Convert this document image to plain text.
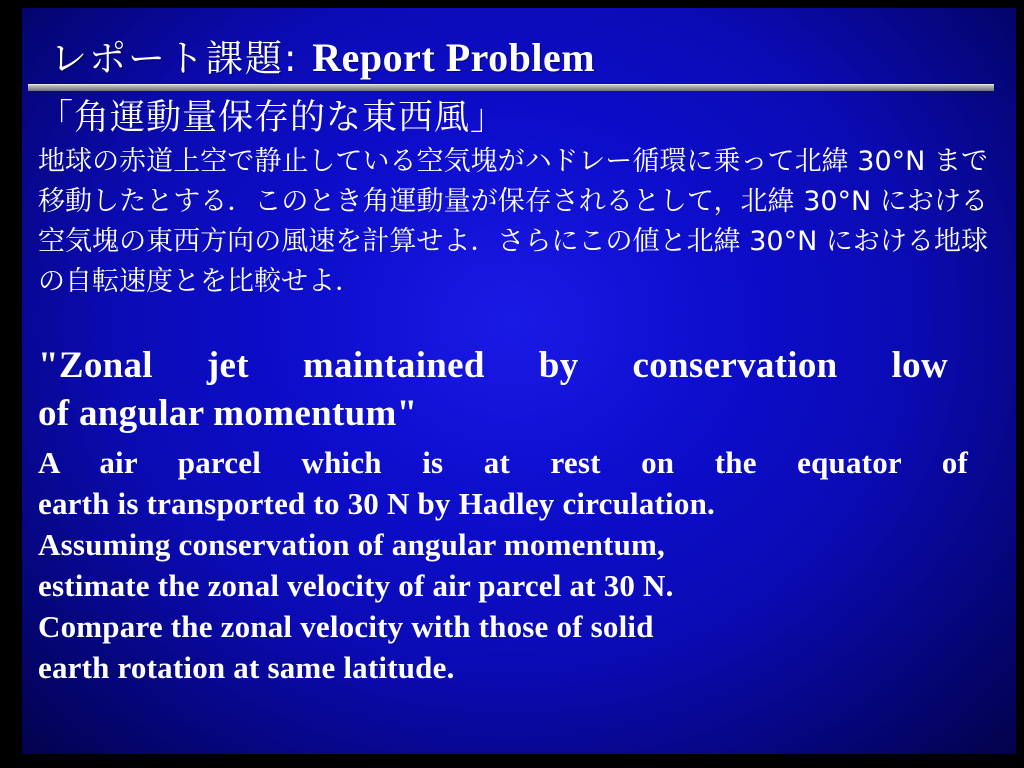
レポート課題: Report Problem
「角運動量保存的な東西風」
地球の赤道上空で静止している空気塊がハドレー循環に乗って北緯 30°N まで移動したとする．このとき角運動量が保存されるとして，北緯 30°N における空気塊の東西方向の風速を計算せよ．さらにこの値と北緯 30°N における地球の自転速度とを比較せよ．
"Zonal jet maintained by conservation low
of angular momentum"
A air parcel which is at rest on the equator of
earth is transported to 30 N by Hadley circulation.
Assuming conservation of angular momentum,
estimate the zonal velocity of air parcel at 30 N.
Compare the zonal velocity with those of solid
earth rotation at same latitude.
